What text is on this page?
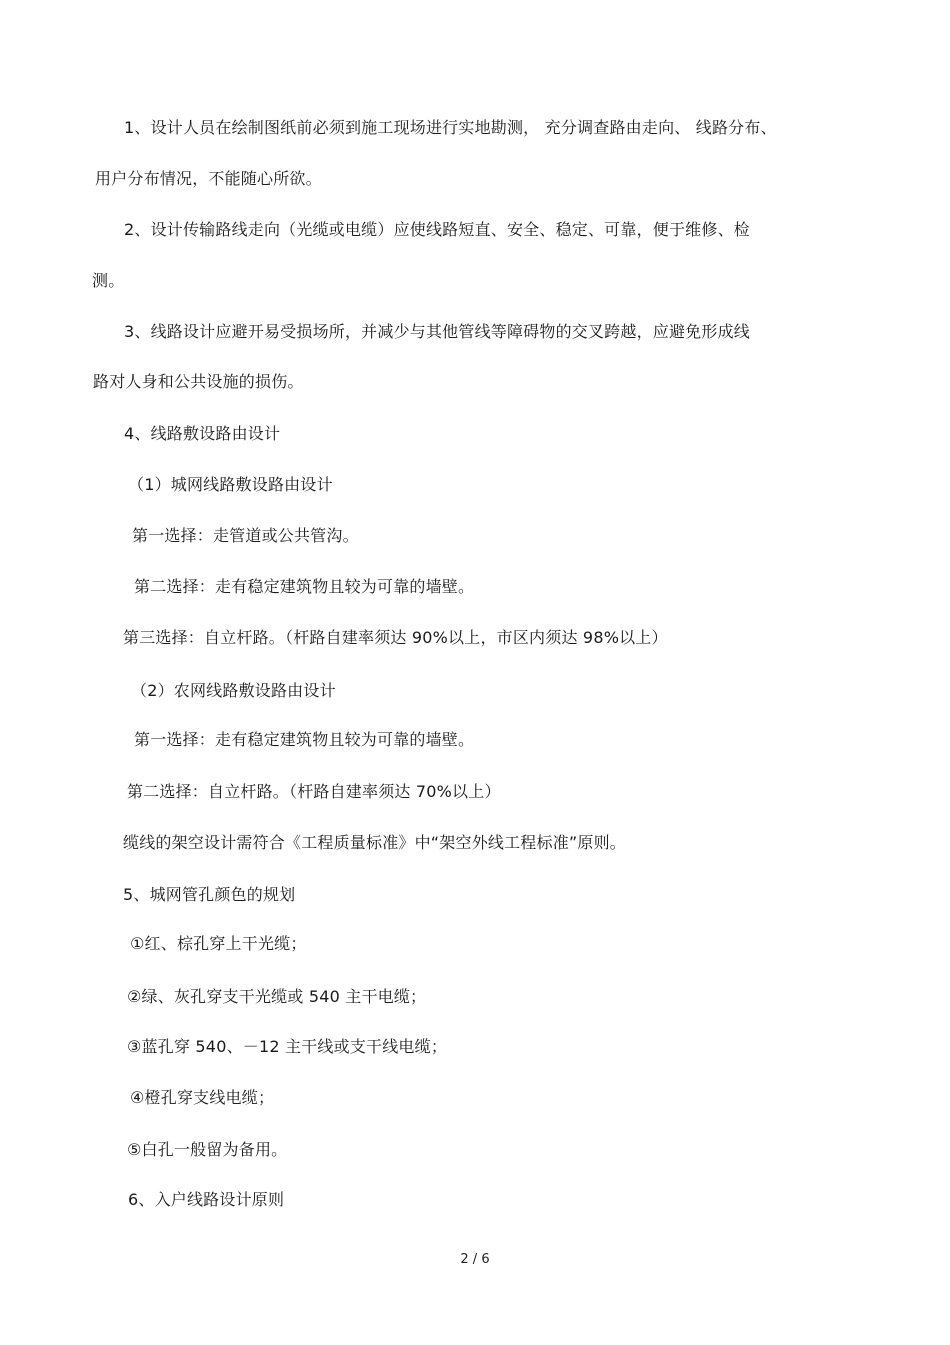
1、设计人员在绘制图纸前必须到施工现场进行实地勘测， 充分调查路由走向、 线路分布、
用户分布情况，不能随心所欲。
2、设计传输路线走向（光缆或电缆）应使线路短直、安全、稳定、可靠，便于维修、检
测。
3、线路设计应避开易受损场所，并减少与其他管线等障碍物的交叉跨越，应避免形成线
路对人身和公共设施的损伤。
4、线路敷设路由设计
（1）城网线路敷设路由设计
第一选择：走管道或公共管沟。
第二选择：走有稳定建筑物且较为可靠的墙壁。
第三选择：自立杆路。（杆路自建率须达 90%以上，市区内须达 98%以上）
（2）农网线路敷设路由设计
第一选择：走有稳定建筑物且较为可靠的墙壁。
第二选择：自立杆路。（杆路自建率须达 70%以上）
缆线的架空设计需符合《工程质量标准》中“架空外线工程标准”原则。
5、城网管孔颜色的规划
①红、棕孔穿上干光缆；
②绿、灰孔穿支干光缆或 540 主干电缆；
③蓝孔穿 540、－12 主干线或支干线电缆；
④橙孔穿支线电缆；
⑤白孔一般留为备用。
6、入户线路设计原则
2 / 6
